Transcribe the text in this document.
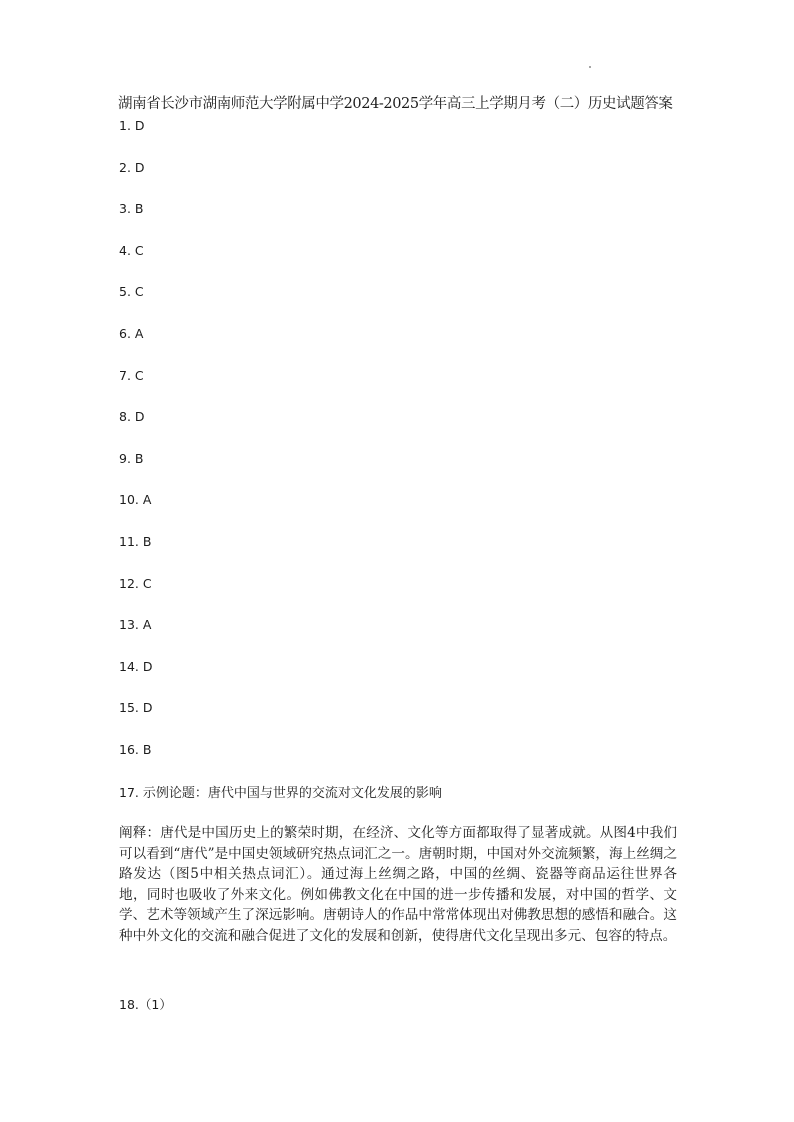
湖南省长沙市湖南师范大学附属中学2024-2025学年高三上学期月考（二）历史试题答案
1. D
2. D
3. B
4. C
5. C
6. A
7. C
8. D
9. B
10. A
11. B
12. C
13. A
14. D
15. D
16. B
17. 示例论题：唐代中国与世界的交流对文化发展的影响

阐释：唐代是中国历史上的繁荣时期，在经济、文化等方面都取得了显著成就。从图4中我们可以看到“唐代”是中国史领域研究热点词汇之一。唐朝时期，中国对外交流频繁，海上丝绸之路发达（图5中相关热点词汇）。通过海上丝绸之路，中国的丝绸、瓷器等商品运往世界各地，同时也吸收了外来文化。例如佛教文化在中国的进一步传播和发展，对中国的哲学、文学、艺术等领域产生了深远影响。唐朝诗人的作品中常常体现出对佛教思想的感悟和融合。这种中外文化的交流和融合促进了文化的发展和创新，使得唐代文化呈现出多元、包容的特点。

18.（1）
